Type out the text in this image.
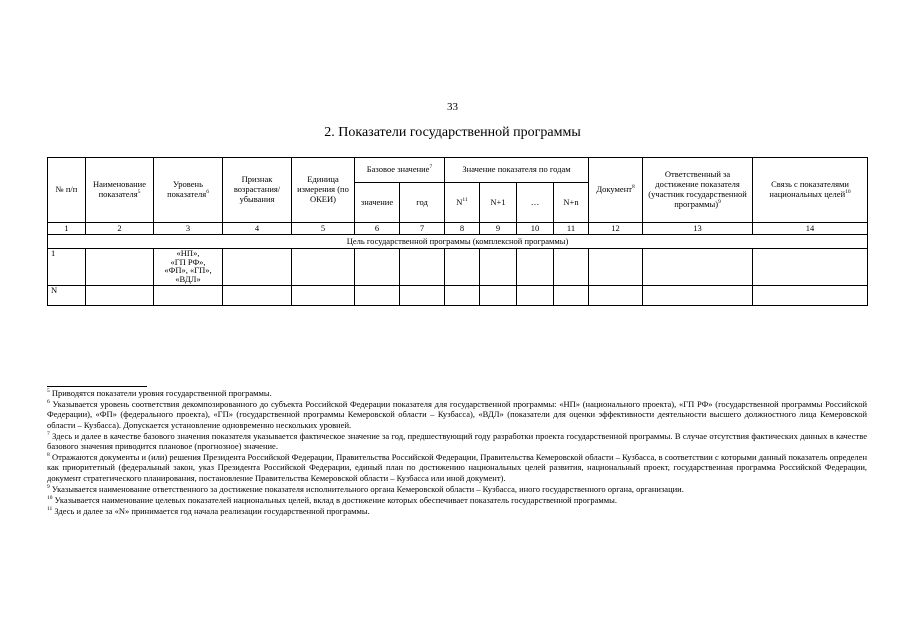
33
2. Показатели государственной программы
№ п/п	Наименование показателя$^5$	Уровень показателя$^6$	Признак возрастания/ убывания	Единица измерения (по ОКЕИ)	Базовое значение$^7$		Значение показателя по годам				Документ$^8$	Ответственный за достижение показателя (участник государственной программы)$^9$	Связь с показателями национальных целей$^{10}$
					значение	год	$N^{11}$	N+1	…	N+n			
1	2	3	4	5	6	7	8	9	10	11	12	13	14
Цель государственной программы (комплексной программы)													
1		«НП»,
«ГП РФ»,
«ФП», «ГП»,
«ВДЛ»											

N													

$^5$ Приводятся показатели уровня государственной программы.

$^6$ Указывается уровень соответствия декомпозированного до субъекта Российской Федерации показателя для государственной программы: «НП» (национального проекта), «ГП РФ» (государственной программы Российской Федерации), «ФП» (федерального проекта), «ГП» (государственной программы Кемеровской области – Кузбасса), «ВДЛ» (показатели для оценки эффективности деятельности высшего должностного лица Кемеровской области – Кузбасса). Допускается установление одновременно нескольких уровней.

$^7$ Здесь и далее в качестве базового значения показателя указывается фактическое значение за год, предшествующий году разработки проекта государственной программы. В случае отсутствия фактических данных в качестве базового значения приводится плановое (прогнозное) значение.

$^8$ Отражаются документы и (или) решения Президента Российской Федерации, Правительства Российской Федерации, Правительства Кемеровской области – Кузбасса, в соответствии с которыми данный показатель определен как приоритетный (федеральный закон, указ Президента Российской Федерации, единый план по достижению национальных целей развития, национальный проект, государственная программа Российской Федерации, документ стратегического планирования, постановление Правительства Кемеровской области – Кузбасса или иной документ).

$^9$ Указывается наименование ответственного за достижение показателя исполнительного органа Кемеровской области – Кузбасса, иного государственного органа, организации.

$^{10}$ Указывается наименование целевых показателей национальных целей, вклад в достижение которых обеспечивает показатель государственной программы.

$^{11}$ Здесь и далее за «N» принимается год начала реализации государственной программы.
